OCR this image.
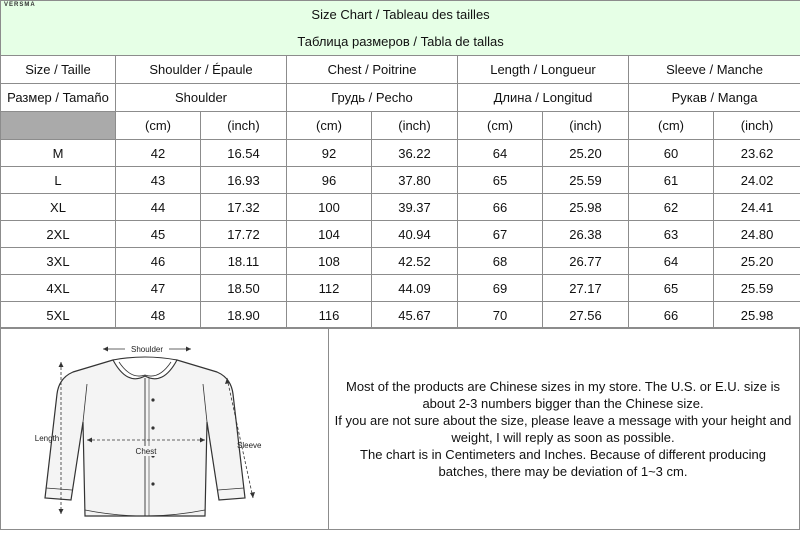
VERSMA
Size Chart / Tableau des tailles								
Таблица размеров / Tabla de tallas								
Size / Taille	Shoulder / Épaule		Chest / Poitrine		Length / Longueur		Sleeve / Manche	
Размер / Tamaño	Shoulder		Грудь / Pecho		Длина / Longitud		Рукав / Manga	
	(cm)	(inch)	(cm)	(inch)	(cm)	(inch)	(cm)	(inch)
M	42	16.54	92	36.22	64	25.20	60	23.62
L	43	16.93	96	37.80	65	25.59	61	24.02
XL	44	17.32	100	39.37	66	25.98	62	24.41
2XL	45	17.72	104	40.94	67	26.38	63	24.80
3XL	46	18.11	108	42.52	68	26.77	64	25.20
4XL	47	18.50	112	44.09	69	27.17	65	25.59
5XL	48	18.90	116	45.67	70	27.56	66	25.98
Shoulder
Length
Chest
Sleeve
Most of the products are Chinese sizes in my store. The U.S. or E.U. size is
about 2-3 numbers bigger than the Chinese size.
If you are not sure about the size, please leave a message with your height and
weight, I will reply as soon as possible.
The chart is in Centimeters and Inches. Because of different producing
batches, there may be deviation of 1~3 cm.
